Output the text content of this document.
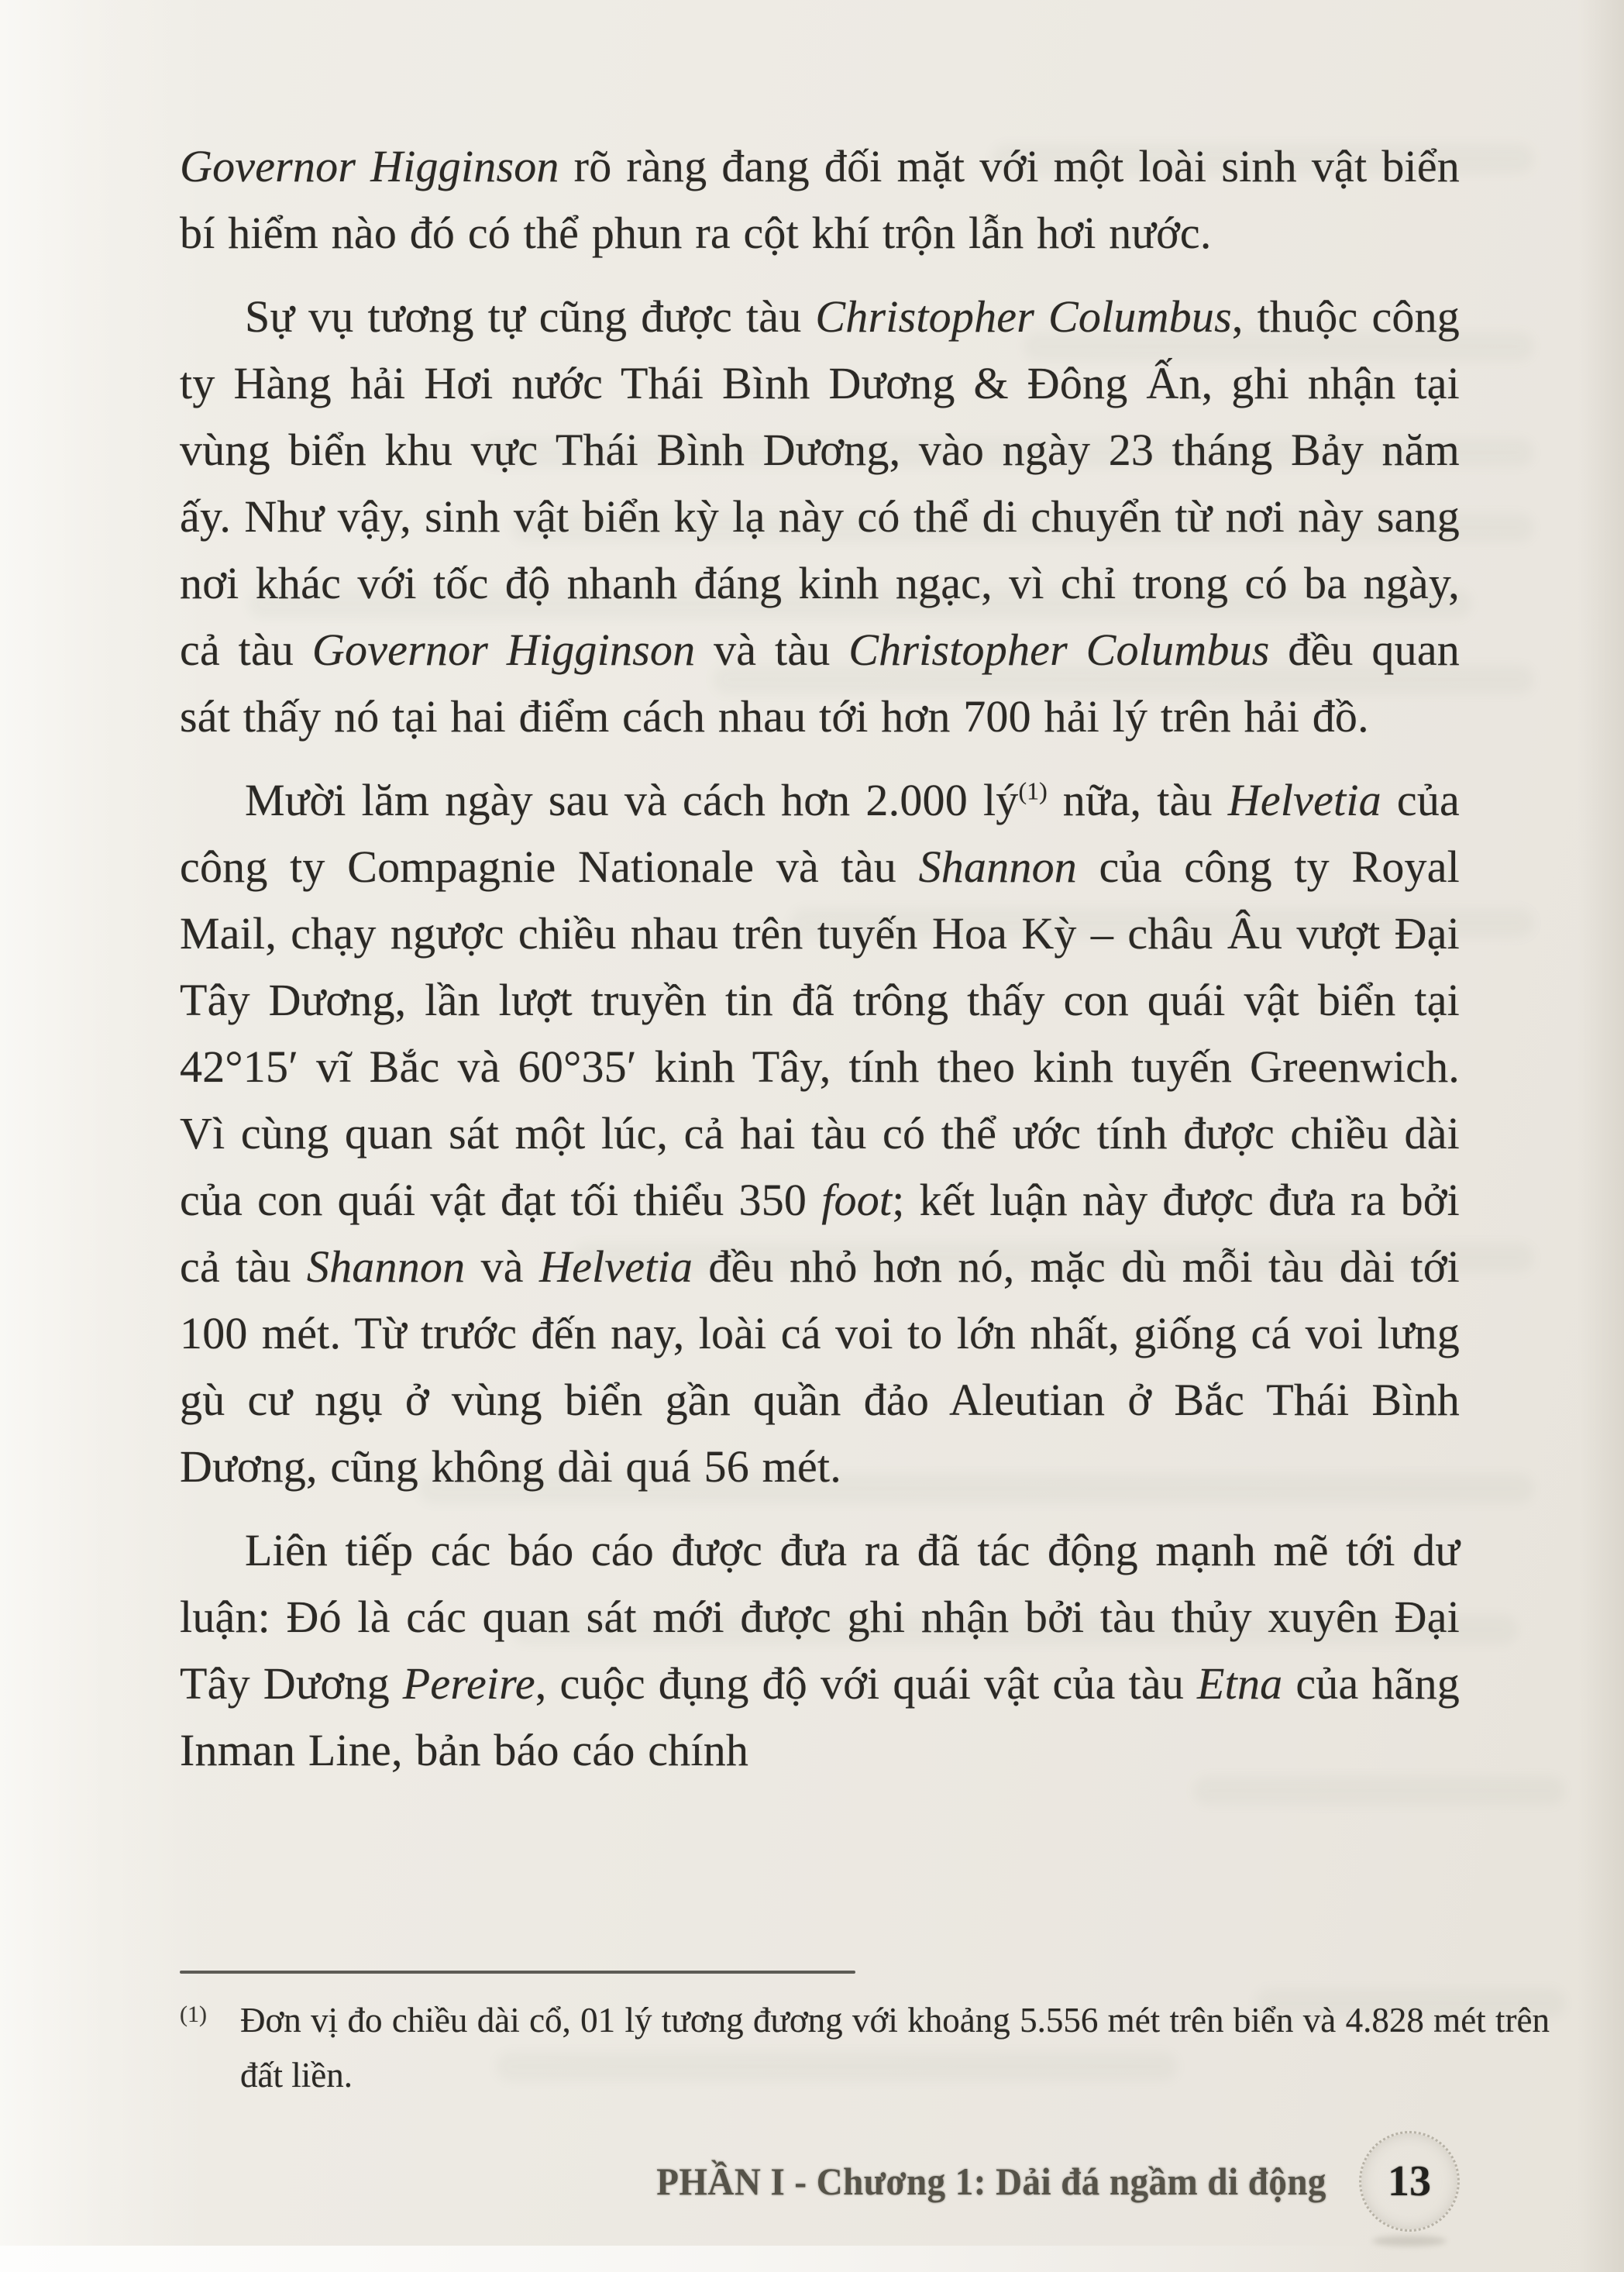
Governor Higginson rõ ràng đang đối mặt với một loài sinh vật biển bí hiểm nào đó có thể phun ra cột khí trộn lẫn hơi nước.

Sự vụ tương tự cũng được tàu Christopher Columbus, thuộc công ty Hàng hải Hơi nước Thái Bình Dương & Đông Ấn, ghi nhận tại vùng biển khu vực Thái Bình Dương, vào ngày 23 tháng Bảy năm ấy. Như vậy, sinh vật biển kỳ lạ này có thể di chuyển từ nơi này sang nơi khác với tốc độ nhanh đáng kinh ngạc, vì chỉ trong có ba ngày, cả tàu Governor Higginson và tàu Christopher Columbus đều quan sát thấy nó tại hai điểm cách nhau tới hơn 700 hải lý trên hải đồ.

Mười lăm ngày sau và cách hơn 2.000 $lý^{(1)}$ nữa, tàu Helvetia của công ty Compagnie Nationale và tàu Shannon của công ty Royal Mail, chạy ngược chiều nhau trên tuyến Hoa Kỳ – châu Âu vượt Đại Tây Dương, lần lượt truyền tin đã trông thấy con quái vật biển tại 42°15′ vĩ Bắc và 60°35′ kinh Tây, tính theo kinh tuyến Greenwich. Vì cùng quan sát một lúc, cả hai tàu có thể ước tính được chiều dài của con quái vật đạt tối thiểu 350 foot; kết luận này được đưa ra bởi cả tàu Shannon và Helvetia đều nhỏ hơn nó, mặc dù mỗi tàu dài tới 100 mét. Từ trước đến nay, loài cá voi to lớn nhất, giống cá voi lưng gù cư ngụ ở vùng biển gần quần đảo Aleutian ở Bắc Thái Bình Dương, cũng không dài quá 56 mét.

Liên tiếp các báo cáo được đưa ra đã tác động mạnh mẽ tới dư luận: Đó là các quan sát mới được ghi nhận bởi tàu thủy xuyên Đại Tây Dương Pereire, cuộc đụng độ với quái vật của tàu Etna của hãng Inman Line, bản báo cáo chính

(1) Đơn vị đo chiều dài cổ, 01 lý tương đương với khoảng 5.556 mét trên biển và 4.828 mét trên đất liền.
PHẦN I - Chương 1: Dải đá ngầm di động 13
